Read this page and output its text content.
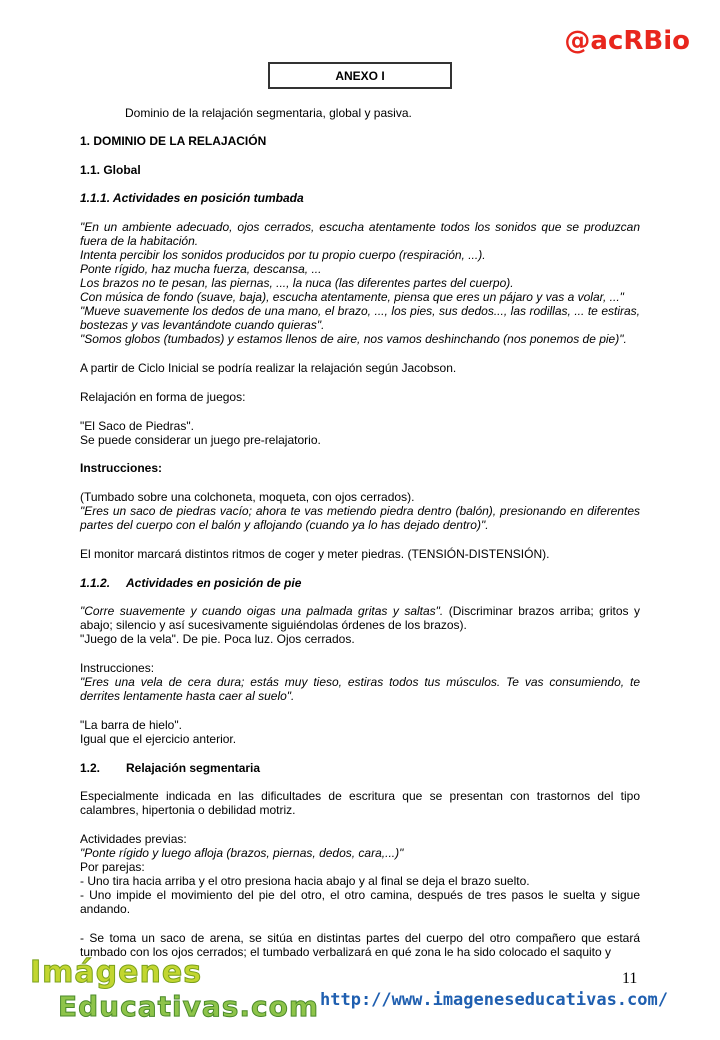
@acRBio
ANEXO I
Dominio de la relajación segmentaria, global y pasiva.
1. DOMINIO DE LA RELAJACIÓN
1.1. Global
1.1.1. Actividades en posición tumbada
"En un ambiente adecuado, ojos cerrados, escucha atentamente todos los sonidos que se produzcan fuera de la habitación.
Intenta percibir los sonidos producidos por tu propio cuerpo (respiración, ...).
Ponte rígido, haz mucha fuerza, descansa, ...
Los brazos no te pesan, las piernas, ..., la nuca (las diferentes partes del cuerpo).
Con música de fondo (suave, baja), escucha atentamente, piensa que eres un pájaro y vas a volar, ..."
"Mueve suavemente los dedos de una mano, el brazo, ..., los pies, sus dedos..., las rodillas, ... te estiras, bostezas y vas levantándote cuando quieras".
"Somos globos (tumbados) y estamos llenos de aire, nos vamos deshinchando (nos ponemos de pie)".
A partir de Ciclo Inicial se podría realizar la relajación según Jacobson.
Relajación en forma de juegos:
"El Saco de Piedras".
Se puede considerar un juego pre-relajatorio.
Instrucciones:
(Tumbado sobre una colchoneta, moqueta, con ojos cerrados).
"Eres un saco de piedras vacío; ahora te vas metiendo piedra dentro (balón), presionando en diferentes partes del cuerpo con el balón y aflojando (cuando ya lo has dejado dentro)".
El monitor marcará distintos ritmos de coger y meter piedras. (TENSIÓN-DISTENSIÓN).
1.1.2. Actividades en posición de pie
"Corre suavemente y cuando oigas una palmada gritas y saltas". (Discriminar brazos arriba; gritos y abajo; silencio y así sucesivamente siguiéndolas órdenes de los brazos).
"Juego de la vela". De pie. Poca luz. Ojos cerrados.
Instrucciones:
"Eres una vela de cera dura; estás muy tieso, estiras todos tus músculos. Te vas consumiendo, te derrites lentamente hasta caer al suelo".
"La barra de hielo".
Igual que el ejercicio anterior.
1.2. Relajación segmentaria
Especialmente indicada en las dificultades de escritura que se presentan con trastornos del tipo calambres, hipertonia o debilidad motriz.
Actividades previas:
"Ponte rígido y luego afloja (brazos, piernas, dedos, cara,...)"
Por parejas:
- Uno tira hacia arriba y el otro presiona hacia abajo y al final se deja el brazo suelto.
- Uno impide el movimiento del pie del otro, el otro camina, después de tres pasos le suelta y sigue andando.
- Se toma un saco de arena, se sitúa en distintas partes del cuerpo del otro compañero que estará tumbado con los ojos cerrados; el tumbado verbalizará en qué zona le ha sido colocado el saquito y
11
Imágenes
Educativas.com http://www.imageneseducativas.com/
